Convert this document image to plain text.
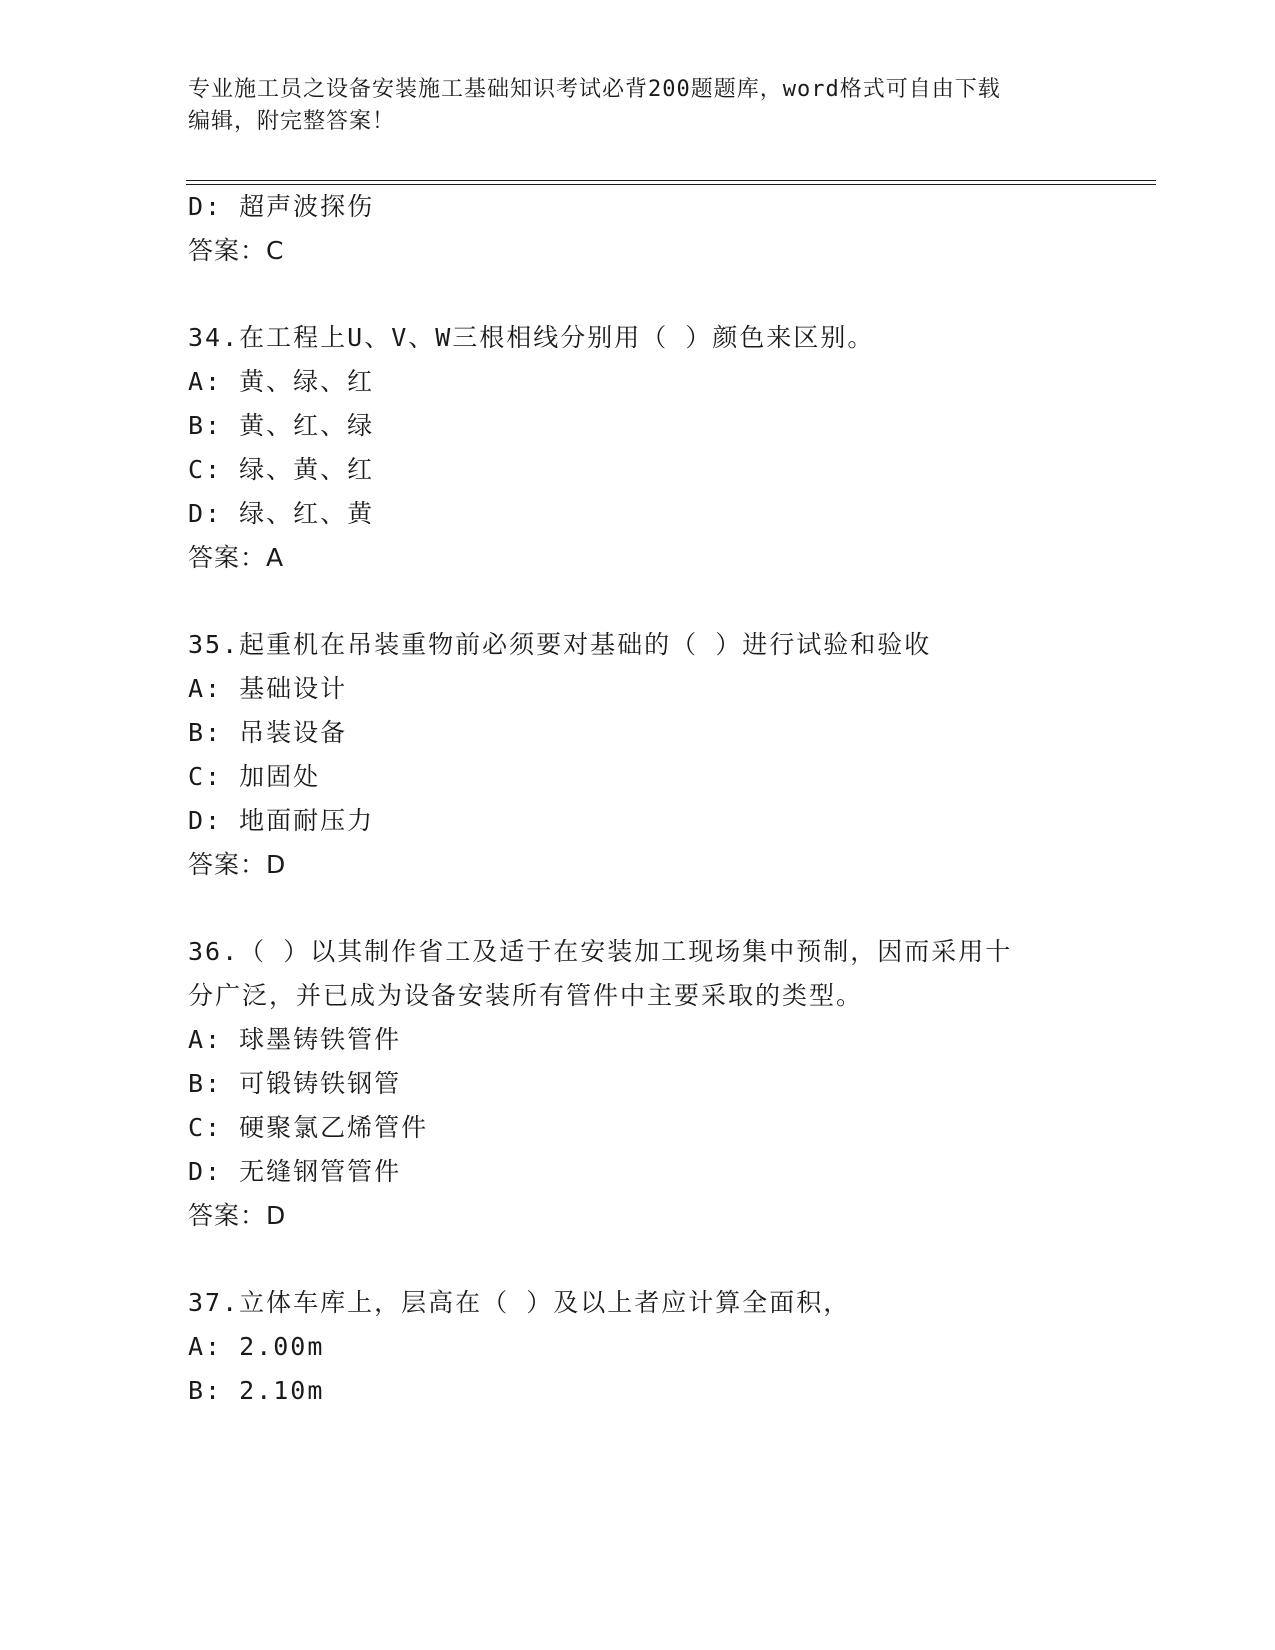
专业施工员之设备安装施工基础知识考试必背200题题库，word格式可自由下载
编辑，附完整答案！
D: 超声波探伤
答案：C
34.在工程上U、V、W三根相线分别用（ ）颜色来区别。
A: 黄、绿、红
B: 黄、红、绿
C: 绿、黄、红
D: 绿、红、黄
答案：A
35.起重机在吊装重物前必须要对基础的（ ）进行试验和验收
A: 基础设计
B: 吊装设备
C: 加固处
D: 地面耐压力
答案：D
36.（ ）以其制作省工及适于在安装加工现场集中预制，因而采用十
分广泛，并已成为设备安装所有管件中主要采取的类型。
A: 球墨铸铁管件
B: 可锻铸铁钢管
C: 硬聚氯乙烯管件
D: 无缝钢管管件
答案：D
37.立体车库上，层高在（ ）及以上者应计算全面积，
A: 2.00m
B: 2.10m
